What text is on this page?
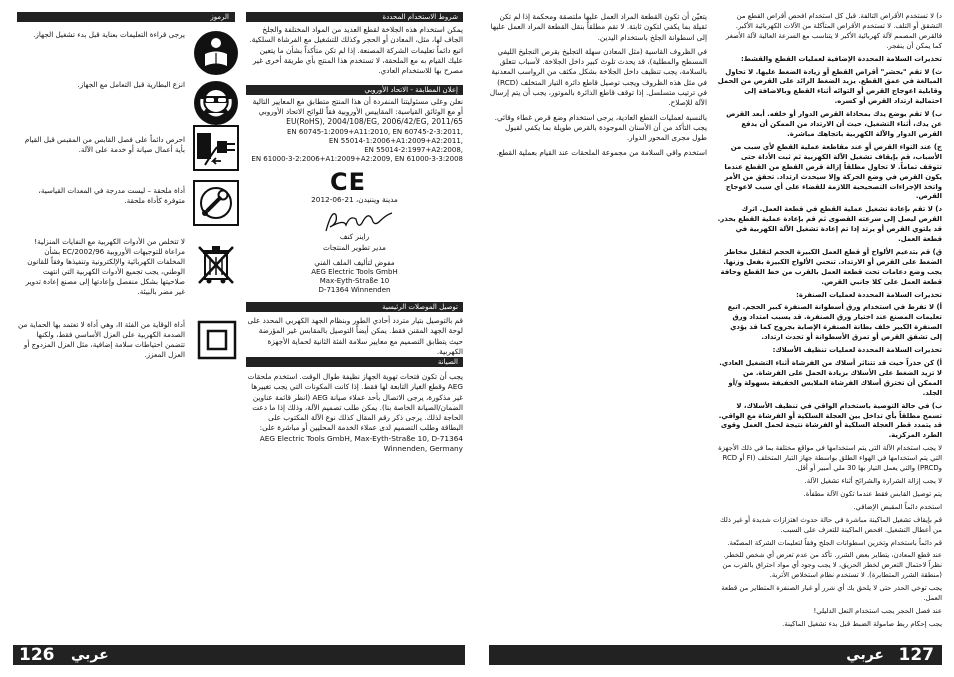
الرموز
يرجى قراءة التعليمات بعناية قبل بدء تشغيل الجهاز.
انزع البطارية قبل التعامل مع الجهاز.
احرص دائماً على فصل القابس من المقبس قبل القيام بأية أعمال صيانة أو خدمة على الآلة.
أداة ملحقة – ليست مدرجة في المعدات القياسية، متوفرة كأداة ملحقة.
لا تتخلص من الأدوات الكهربية مع النفايات المنزلية! مراعاة للتوجيهات الأوروبية EC/2002/96 بشأن المخلفات الكهربائية والإلكترونية وتنفيذها وفقاً للقانون الوطني، يجب تجميع الأدوات الكهربية التي انتهت صلاحيتها بشكل منفصل وإعادتها إلى مصنع إعادة تدوير غير مضر بالبيئة.
أداة الوقاية من الفئة II، وهي أداة لا تعتمد بها الحماية من الصدمة الكهربية على العزل الأساسي فقط، ولكنها تتضمن احتياطات سلامة إضافية، مثل العزل المزدوج أو العزل المعزز.
شروط الاستخدام المحددة
يمكن استخدام هذه الجلاخة لقطع العديد من المواد المختلفة والجلخ الجاف لها، مثل، المعادن أو الحجر وكذلك للتشغيل مع الفرشاة السلكية. اتبع دائماً تعليمات الشركة المصنعة. إذا لم تكن متأكداً بشأن ما يتعين عليك القيام به مع الملحقة، لا تستخدم هذا المنتج بأي طريقة أخرى غير مصرح بها للاستخدام العادي.
إعلان المطابقة - الاتحاد الأوروبي
نعلن وعلى مسئوليتنا المنفردة أن هذا المنتج متطابق مع المعايير التالية أو مع الوثائق القياسية: المقاييس الأوروبية فقاً للوائح الاتحاد الأوروبي
EU(RoHS), 2004/108/EG, 2006/42/EG, 2011/65
EN 60745-1:2009+A11:2010, EN 60745-2-3:2011,
EN 55014-1:2006+A1:2009+A2:2011,
EN 55014-2:1997+A2:2008,
EN 61000-3-2:2006+A1:2009+A2:2009, EN 61000-3-3:2008
CE
مدينة ويننيدن، 21-06-2012
راينر كنف
مدير تطوير المنتجات
مفوض لتأليف الملف الفني
AEG Electric Tools GmbH
Max-Eyth-Straße 10
D-71364 Winnenden
توصيل الموصلات الرئيسية
قم بالتوصيل بتيار متردد أحادي الطور وبنظام الجهد الكهربي المحدد على لوحة الجهد المقنن فقط. يمكن أيضاً التوصيل بالمقابس غير المؤرضة حيث يتطابق التصميم مع معايير سلامة الفئة الثانية لحماية الأجهزة الكهربية.
الصيانة
يجب أن تكون فتحات تهوية الجهاز نظيفة طوال الوقت. استخدم ملحقات AEG وقطع الغيار التابعة لها فقط. إذا كانت المكونات التي يجب تغييرها غير مذكورة، يرجى الاتصال بأحد عملاء صيانة AEG (انظر قائمة عناوين الضمان/الصيانة الخاصة بنا). يمكن طلب تصميم الآلة، وذلك إذا ما دعت الحاجة لذلك. يرجى ذكر رقم المقال كذلك نوع الآلة المكتوب على البطاقة وطلب التصميم لدى عملاء الخدمة المحليين أو مباشرة على: AEG Electric Tools GmbH, Max-Eyth-Straße 10, D-71364 Winnenden, Germany
126 عربي

يتعيّن أن تكون القطعة المراد العمل عليها ملتصقة ومحكمة إذا لم تكن ثقيلة بما يكفي لتكون ثابتة. لا تقم مطلقاً بنقل القطعة المراد العمل عليها إلى اسطوانة الجلخ باستخدام اليدين.

في الظروف القاسية (مثل المعادن سهلة التجليخ بقرص التجليخ الليفي المسطح والمطلية)، قد يحدث تلوث كبير داخل الجلاخة. لأسباب تتعلق بالسلامة، يجب تنظيف داخل الجلاخة بشكل مكثف من الرواسب المعدنية في مثل هذه الظروف ويجب توصيل قاطع دائرة التيار المتخلف (RCD) في ترتيب متسلسل. إذا توقف قاطع الدائرة بالموتور، يجب أن يتم إرسال الآلة للإصلاح.

بالنسبة لعمليات القطع العادية، يرجى استخدام وضع قرص غطاء وقائي. يجب التأكد من أن الأسنان الموجودة بالقرص طويلة بما يكفي لقبول طول مجرى المحور الدوار.

استخدم واقي السلامة من مجموعة الملحقات عند القيام بعملية القطع.

د) لا تستخدم الأقراص التالفة. قبل كل استخدام افحص أقراص القطع من التشقق أو التلف. لا تستخدم الأقراص المتآكلة من الآلات الكهربائية الأكبر. فالقرص المصمم لآلة كهربائية الأكبر لا يتناسب مع السرعة العالية لآلة الأصغر كما يمكن أن ينفجر.

تحذيرات السلامة المحددة الإضافية لعمليات القطع والقشط:

ث) لا تقم "بحشر" أقراص القطع أو زيادة الضغط عليها. لا تحاول المبالغة في عمق القطع. يزيد الضغط الزائد على القرص من الحمل وقابلية اعوجاج القرص أو التوائه أثناء القطع وبالاضافة إلى احتمالية ارتداد القرص أو كسره.

ب) لا تقم بوضع يدك بمحاذاة القرص الدوار أو خلفه. أبعد القرص عن يدك، أثناء التشغيل، حيث أن الارتداد من الممكن أن يدفع القرص الدوار والآلة الكهربية باتجاهك مباشرة.

ج) عند التواء القرص أو عند مقاطعة عملية القطع لأي سبب من الأسباب، قم بإيقاف تشغيل الآلة الكهربية ثم ثبت الأداة حتى تتوقف تماماً. لا تحاول مطلقاً إزالة قرص القطع من القطع عندما يكون القرص في وضع الحركة وإلا سيحدث ارتداد. تحقق من الأمر واتخذ الإجراءات التصحيحية اللازمة للقضاء على أي سبب لاعوجاج القرص.

د) لا تقم بإعادة تشغيل عملية القطع في قطعة العمل. اترك القرص ليصل إلى سرعته القصوى ثم قم بإعادة عملية القطع بحذر. قد يلتوي القرص أو يرتد إذا تم إعادة تشغيل الآلة الكهربية في قطعة العمل.

ق) قم بتدعيم الألواح أو قطع العمل الكبيرة الحجم لتقليل مخاطر الضغط على القرص أو الارتداد. تنحني الألواح الكبيرة بفعل وزنها. يجب وضع دعامات تحت قطعة العمل بالقرب من خط القطع وحافة قطعة العمل على كلا جانبي القرص.

تحذيرات السلامة المحددة لعمليات الصنفرة:

أ) لا تفرط في استخدام ورق أسطوانة الصنفرة كبير الحجم. اتبع تعليمات المصنع عند اختيار ورق الصنفرة. قد يسبب امتداد ورق الصنفرة الكبير خلف بطانة الصنفرة الإصابة بجروح كما قد يؤدي إلى تشقق القرص أو تمزق الأسطوانة أو تحدث ارتداد.

تحذيرات السلامة المحددة لعمليات تنظيف الأسلاك:

أ) كن حذراً حيث قد تتناثر أسلاك من الفرشاة أثناء التشغيل العادي. لا تزيد الضغط على الأسلاك بزيادة الحمل على الفرشاة. من الممكن أن تخترق أسلاك الفرشاة الملابس الخفيفة بسهولة و/أو الجلد.

ب) في حالة التوصية باستخدام الواقي في تنظيف الأسلاك، لا تسمح مطلقاً بأي تداخل بين العجلة السلكية أو الفرشاة مع الواقي. قد يتمدد قطر العجلة السلكية أو الفرشاة نتيجة لحمل العمل وقوى الطرد المركزية.

لا يجب استخدام الآلة التي يتم استخدامها في مواقع مختلفة بما في ذلك الأجهزة التي يتم استخدامها في الهواء الطلق بواسطة جهاز التيار المتخلف (FI أو RCD وPRCD) والتي يعمل التيار بها 30 ملي أمبير أو أقل.

لا يجب إزالة الشرارة والشرائح أثناء تشغيل الآلة.

يتم توصيل القابس فقط عندما تكون الآلة مطفأة.

استخدم دائماً المقبض الإضافي.

قم بإيقاف تشغيل الماكينة مباشرة في حالة حدوث اهتزازات شديدة أو غير ذلك من أعطال التشغيل. افحص الماكينة للتعرف على السبب.

قم دائماً باستخدام وتخزين اسطوانات الجلخ وفقاً لتعليمات الشركة المصنّعة.

عند قطع المعادن، يتطاير بعض الشرر. تأكد من عدم تعرض أي شخص للخطر. نظراً لاحتمال التعرض لخطر الحريق، لا يجب وجود أي مواد احتراق بالقرب من (منطقة الشرر المتطايرة). لا تستخدم نظام استخلاص الأتربة.

يجب توخي الحذر حتى لا يلحق بك أي شرر أو غبار الصنفرة المتطاير من قطعة العمل.

عند فصل الحجر يجب استخدام النعل الدليلي!

يجب إحكام ربط صامولة الضبط قبل بدء تشغيل الماكينة.

127
عربي
